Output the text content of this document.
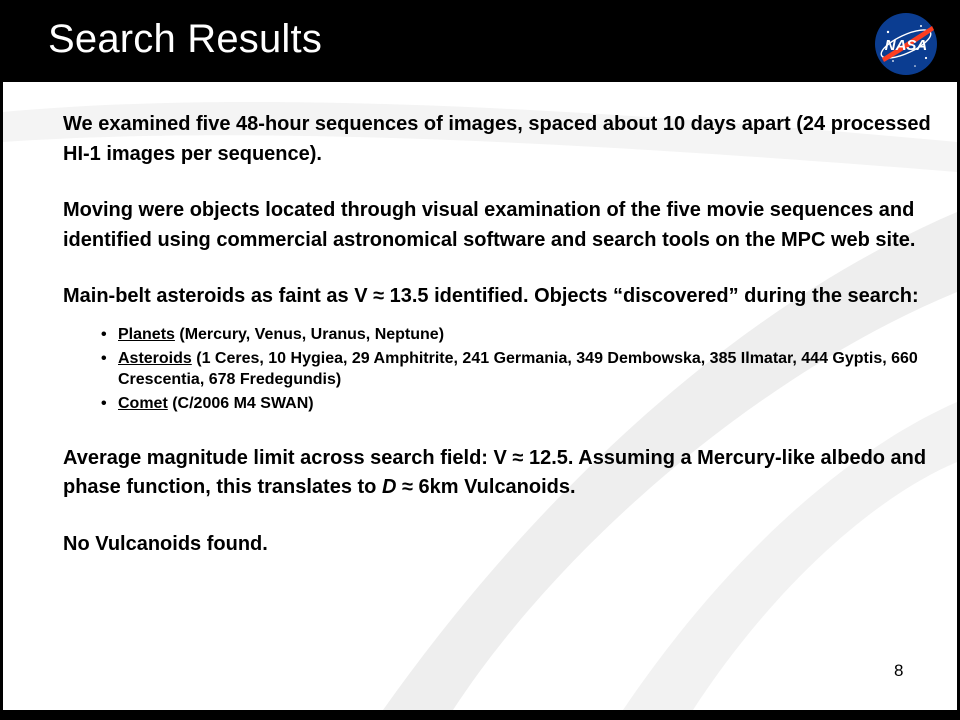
Search Results	NASA

We examined five 48-hour sequences of images, spaced about 10 days apart (24 processed HI-1 images per sequence).

Moving were objects located through visual examination of the five movie sequences and identified using commercial astronomical software and search tools on the MPC web site.

Main-belt asteroids as faint as V ≈ 13.5 identified. Objects “discovered” during the search:

• Planets (Mercury, Venus, Uranus, Neptune)
• Asteroids (1 Ceres, 10 Hygiea, 29 Amphitrite, 241 Germania, 349 Dembowska, 385 Ilmatar, 444 Gyptis, 660 Crescentia, 678 Fredegundis)
• Comet (C/2006 M4 SWAN)

Average magnitude limit across search field: V ≈ 12.5. Assuming a Mercury-like albedo and phase function, this translates to D ≈ 6km Vulcanoids.

No Vulcanoids found.

8
